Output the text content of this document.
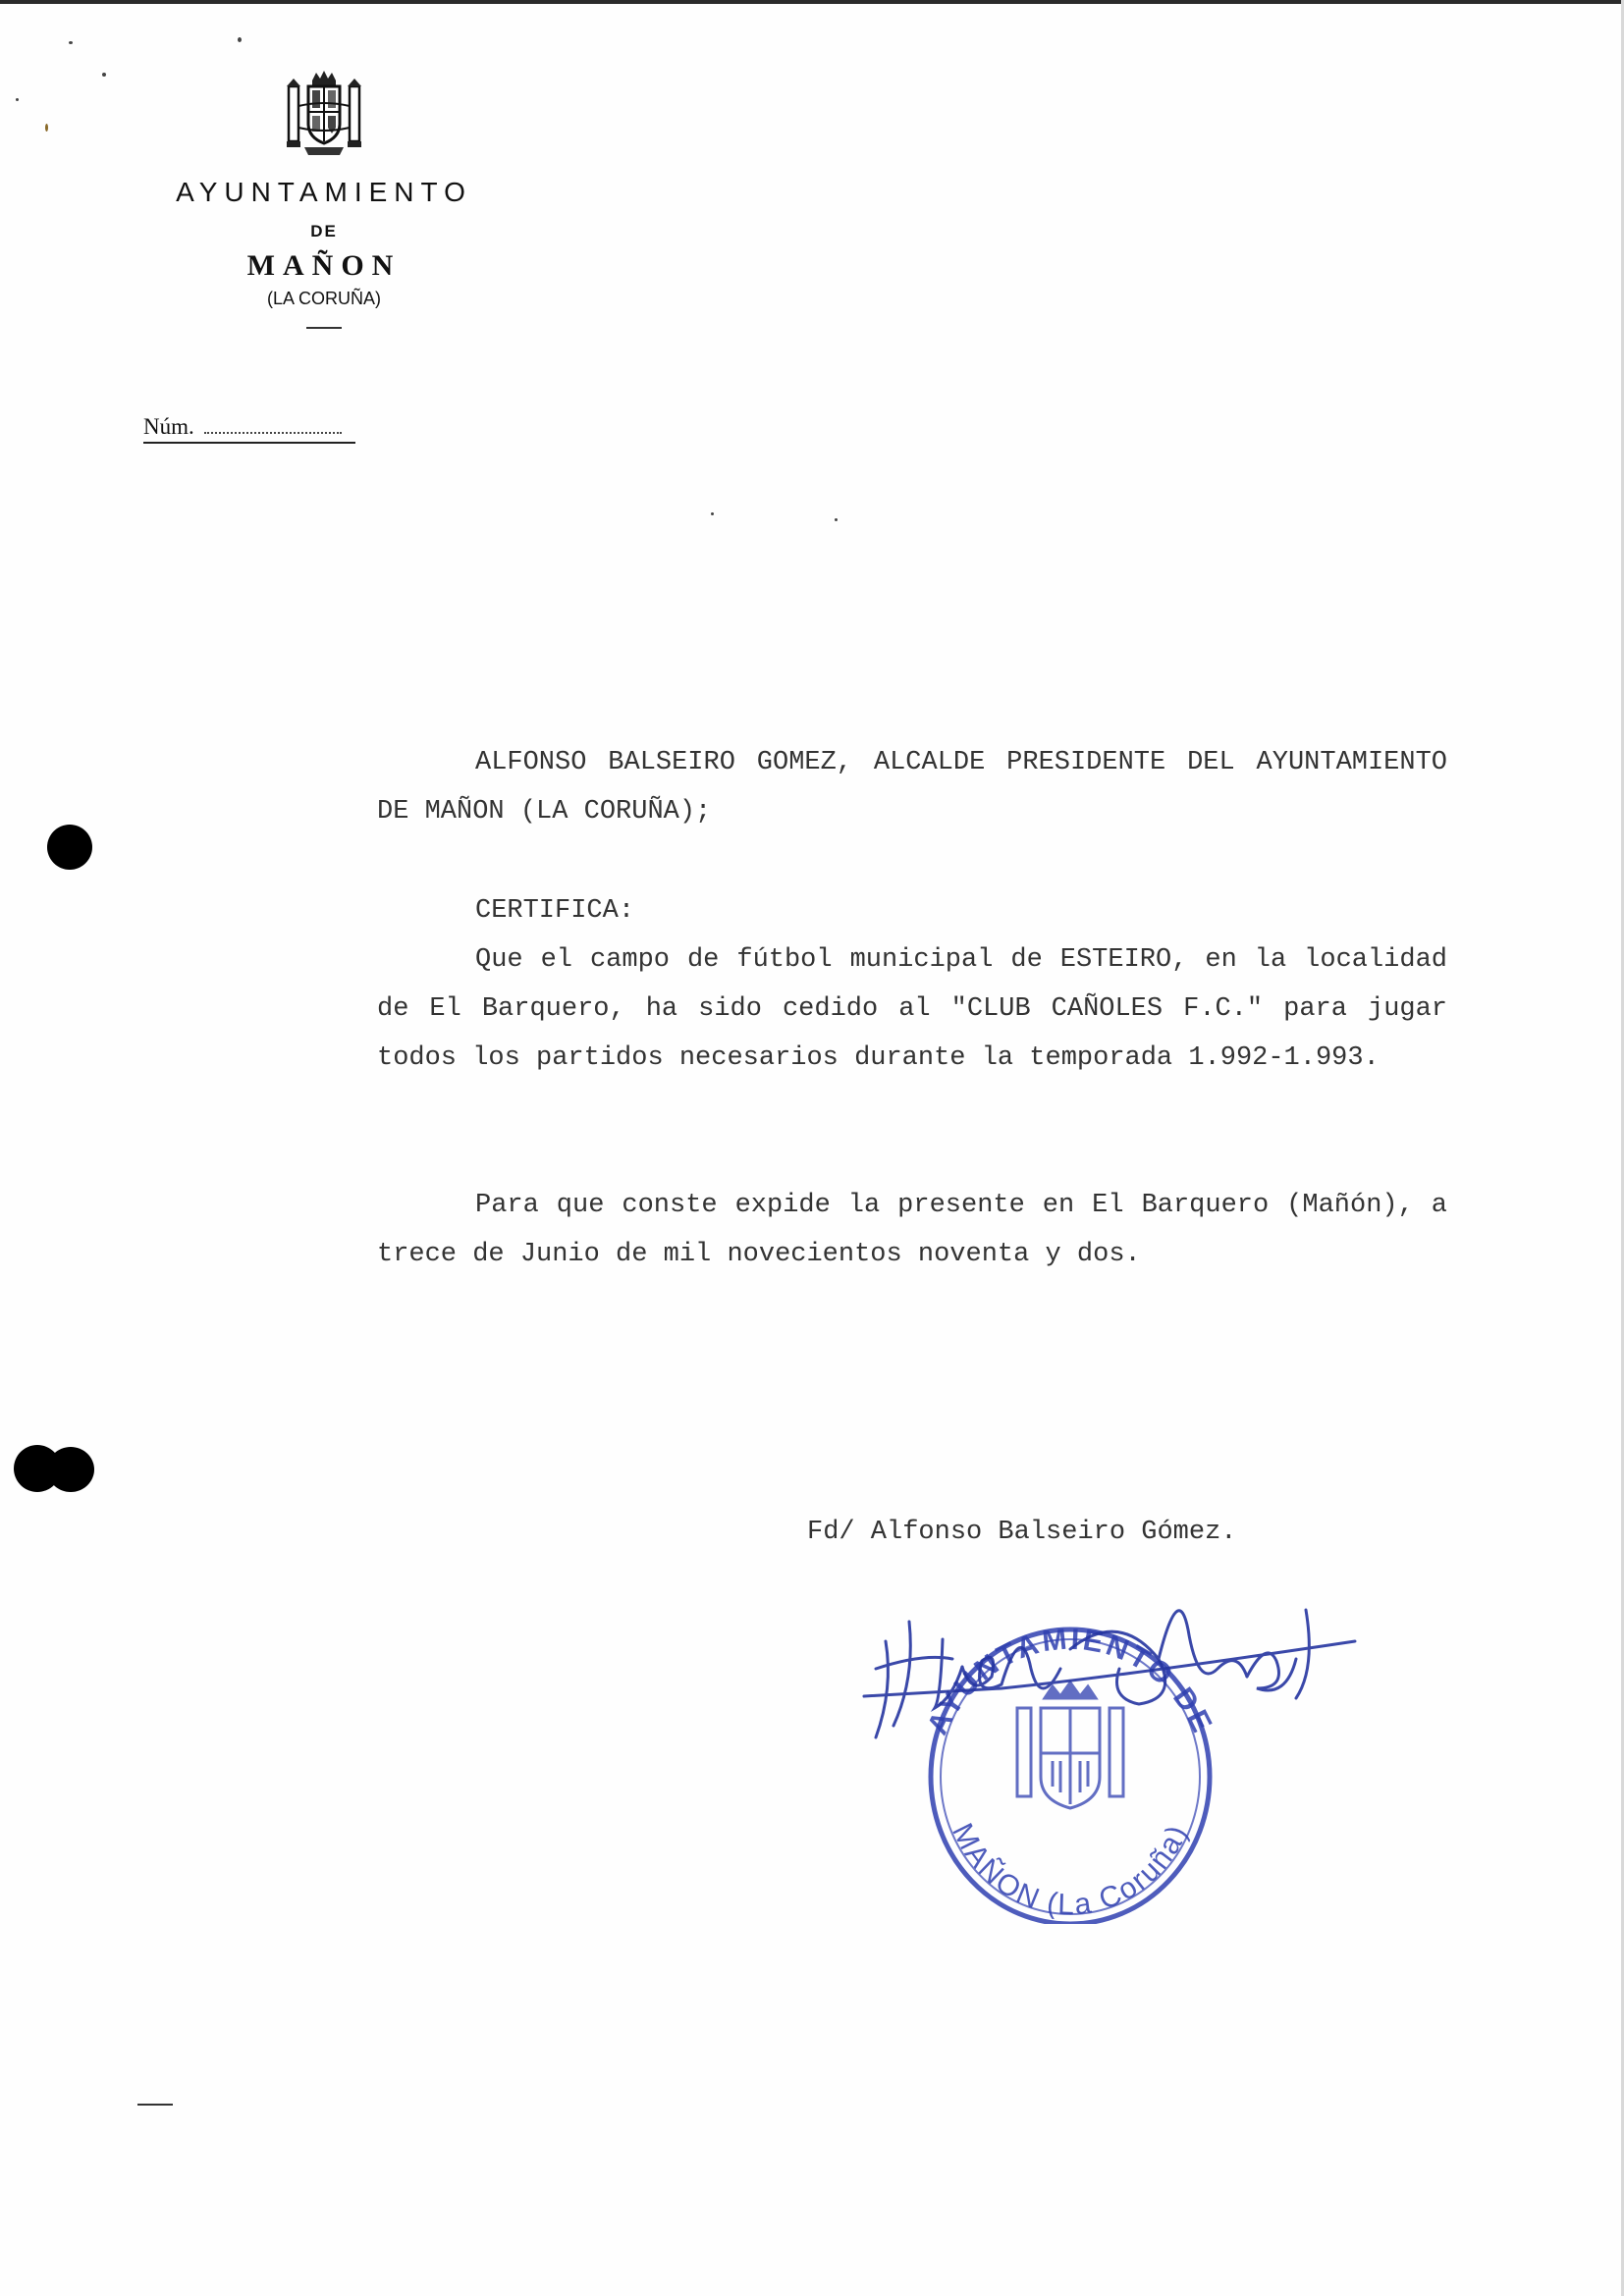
AYUNTAMIENTO
DE
MAÑON
(LA CORUÑA)
Núm.
ALFONSO BALSEIRO GOMEZ, ALCALDE PRESIDENTE DEL AYUNTAMIENTO DE MAÑON (LA CORUÑA);
CERTIFICA:
Que el campo de fútbol municipal de ESTEIRO, en la localidad de El Barquero, ha sido cedido al "CLUB CAÑOLES F.C." para jugar todos los partidos necesarios durante la temporada 1.992-1.993.
Para que conste expide la presente en El Barquero (Mañón), a trece de Junio de mil novecientos noventa y dos.
Fd/ Alfonso Balseiro Gómez.
AYUNTAMIENTO DE
MAÑON (La Coruña)
